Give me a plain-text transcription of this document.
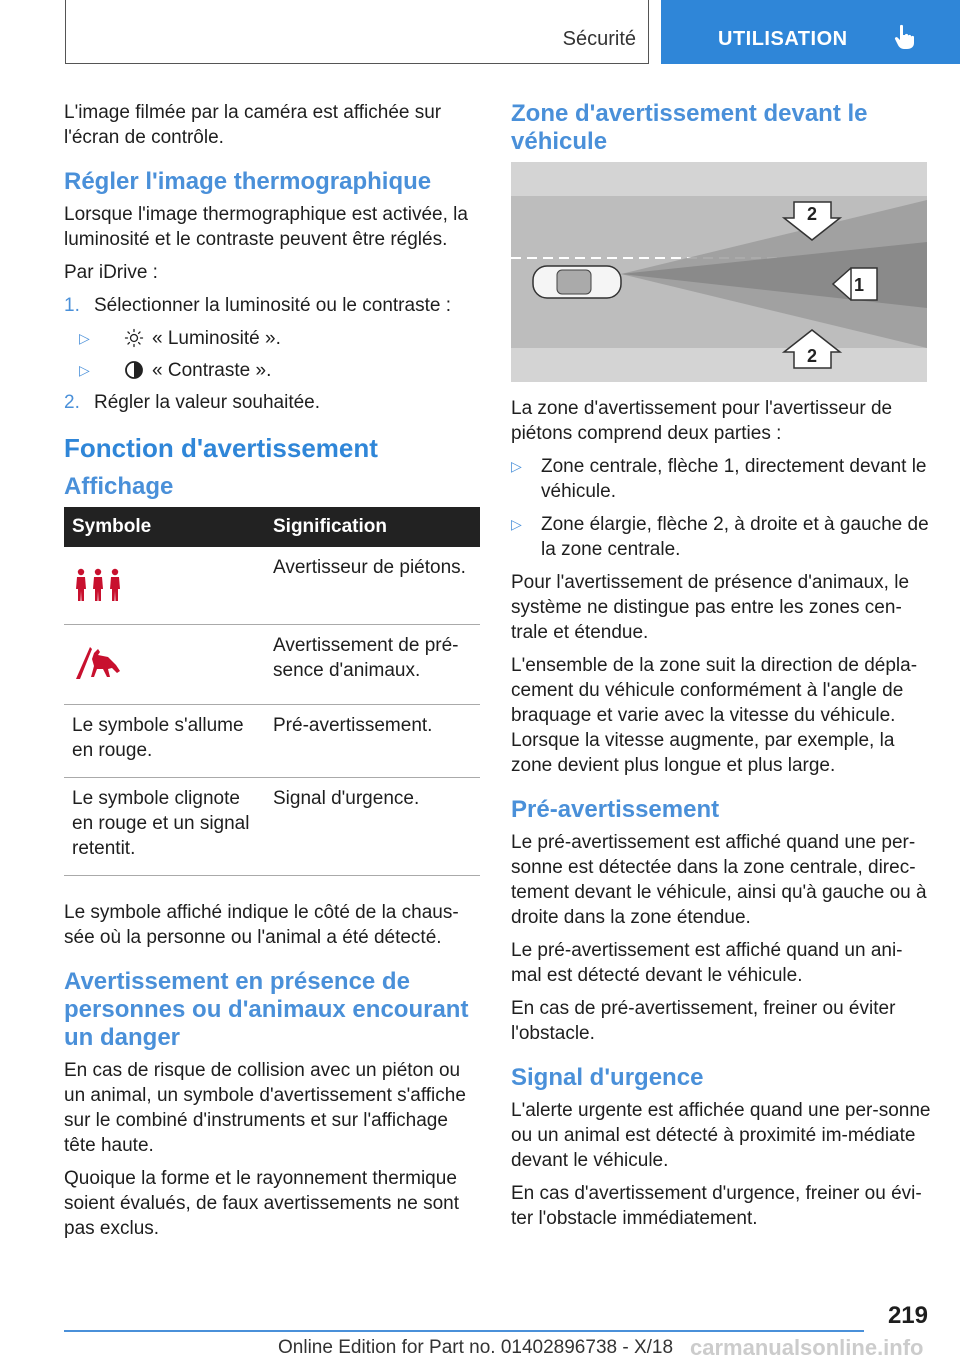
Sécurité	UTILISATION

L'image filmée par la caméra est affichée sur l'écran de contrôle.

Régler l'image thermographique

Lorsque l'image thermographique est activée, la luminosité et le contraste peuvent être réglés.

Par iDrive :

1. Sélectionner la luminosité ou le contraste :
▷	« Luminosité ».
▷	« Contraste ».
2. Régler la valeur souhaitée.
Fonction d'avertissement
Affichage
Symbole	Signification
	Avertisseur de piétons.
	Avertissement de pré-sence d'animaux.
Le symbole s'allume en rouge.	Pré-avertissement.
Le symbole clignote en rouge et un signal retentit.	Signal d'urgence.

Le symbole affiché indique le côté de la chaus-sée où la personne ou l'animal a été détecté.

Avertissement en présence de personnes ou d'animaux encourant un danger

En cas de risque de collision avec un piéton ou un animal, un symbole d'avertissement s'affiche sur le combiné d'instruments et sur l'affichage tête haute.

Quoique la forme et le rayonnement thermique soient évalués, de faux avertissements ne sont pas exclus.

Zone d'avertissement devant le véhicule
2
1
2

La zone d'avertissement pour l'avertisseur de piétons comprend deux parties :

▷ Zone centrale, flèche 1, directement devant le véhicule.
▷ Zone élargie, flèche 2, à droite et à gauche de la zone centrale.

Pour l'avertissement de présence d'animaux, le système ne distingue pas entre les zones cen-trale et étendue.

L'ensemble de la zone suit la direction de dépla-cement du véhicule conformément à l'angle de braquage et varie avec la vitesse du véhicule. Lorsque la vitesse augmente, par exemple, la zone devient plus longue et plus large.

Pré-avertissement

Le pré-avertissement est affiché quand une per-sonne est détectée dans la zone centrale, direc-tement devant le véhicule, ainsi qu'à gauche ou à droite dans la zone étendue.

Le pré-avertissement est affiché quand un ani-mal est détecté devant le véhicule.

En cas de pré-avertissement, freiner ou éviter l'obstacle.

Signal d'urgence

L'alerte urgente est affichée quand une per-sonne ou un animal est détecté à proximité im-médiate devant le véhicule.

En cas d'avertissement d'urgence, freiner ou évi-ter l'obstacle immédiatement.

219
Online Edition for Part no. 01402896738 - X/18 carmanualsonline.info
